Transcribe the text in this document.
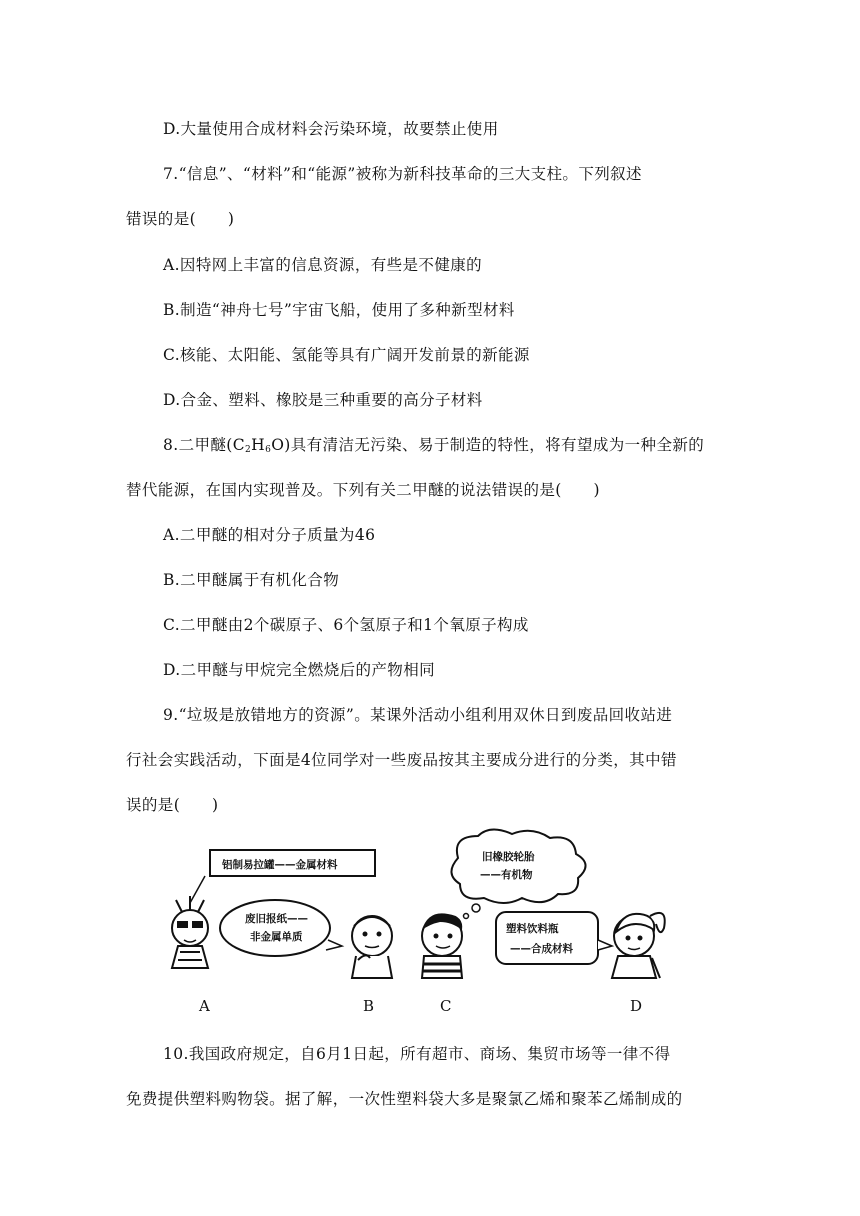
D.大量使用合成材料会污染环境，故要禁止使用
7.“信息”、“材料”和“能源”被称为新科技革命的三大支柱。下列叙述
错误的是(　　)
A.因特网上丰富的信息资源，有些是不健康的
B.制造“神舟七号”宇宙飞船，使用了多种新型材料
C.核能、太阳能、氢能等具有广阔开发前景的新能源
D.合金、塑料、橡胶是三种重要的高分子材料
8.二甲醚$(C_2H_6O)$具有清洁无污染、易于制造的特性，将有望成为一种全新的
替代能源，在国内实现普及。下列有关二甲醚的说法错误的是(　　)
A.二甲醚的相对分子质量为46
B.二甲醚属于有机化合物
C.二甲醚由2个碳原子、6个氢原子和1个氧原子构成
D.二甲醚与甲烷完全燃烧后的产物相同
9.“垃圾是放错地方的资源”。某课外活动小组利用双休日到废品回收站进
行社会实践活动，下面是4位同学对一些废品按其主要成分进行的分类，其中错
误的是(　　)
铝制易拉罐——金属材料
废旧报纸——
非金属单质
旧橡胶轮胎
——有机物
塑料饮料瓶
——合成材料
A	B	C	D
10.我国政府规定，自6月1日起，所有超市、商场、集贸市场等一律不得
免费提供塑料购物袋。据了解，一次性塑料袋大多是聚氯乙烯和聚苯乙烯制成的
